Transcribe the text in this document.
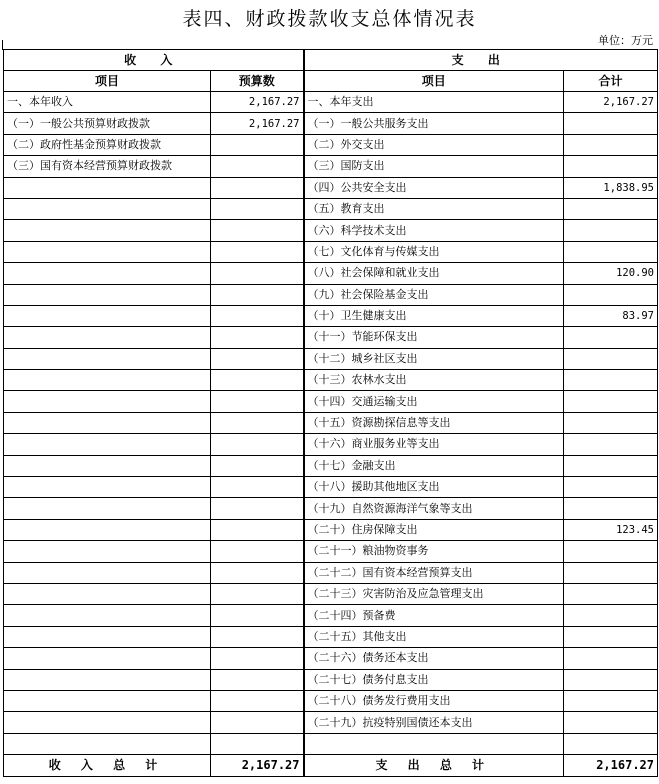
表四、财政拨款收支总体情况表
单位：万元
收 入		支 出	
项目	预算数	项目	合计
一、本年收入	2,167.27	一、本年支出	2,167.27
（一）一般公共预算财政拨款	2,167.27	（一）一般公共服务支出	
（二）政府性基金预算财政拨款		（二）外交支出	
（三）国有资本经营预算财政拨款		（三）国防支出	
		（四）公共安全支出	1,838.95
		（五）教育支出	
		（六）科学技术支出	
		（七）文化体育与传媒支出	
		（八）社会保障和就业支出	120.90
		（九）社会保险基金支出	
		（十）卫生健康支出	83.97
		（十一）节能环保支出	
		（十二）城乡社区支出	
		（十三）农林水支出	
		（十四）交通运输支出	
		（十五）资源勘探信息等支出	
		（十六）商业服务业等支出	
		（十七）金融支出	
		（十八）援助其他地区支出	
		（十九）自然资源海洋气象等支出	
		（二十）住房保障支出	123.45
		（二十一）粮油物资事务	
		（二十二）国有资本经营预算支出	
		（二十三）灾害防治及应急管理支出	
		（二十四）预备费	
		（二十五）其他支出	
		（二十六）债务还本支出	
		（二十七）债务付息支出	
		（二十八）债务发行费用支出	
		（二十九）抗疫特别国债还本支出	

收 入 总 计	2,167.27	支 出 总 计	2,167.27
